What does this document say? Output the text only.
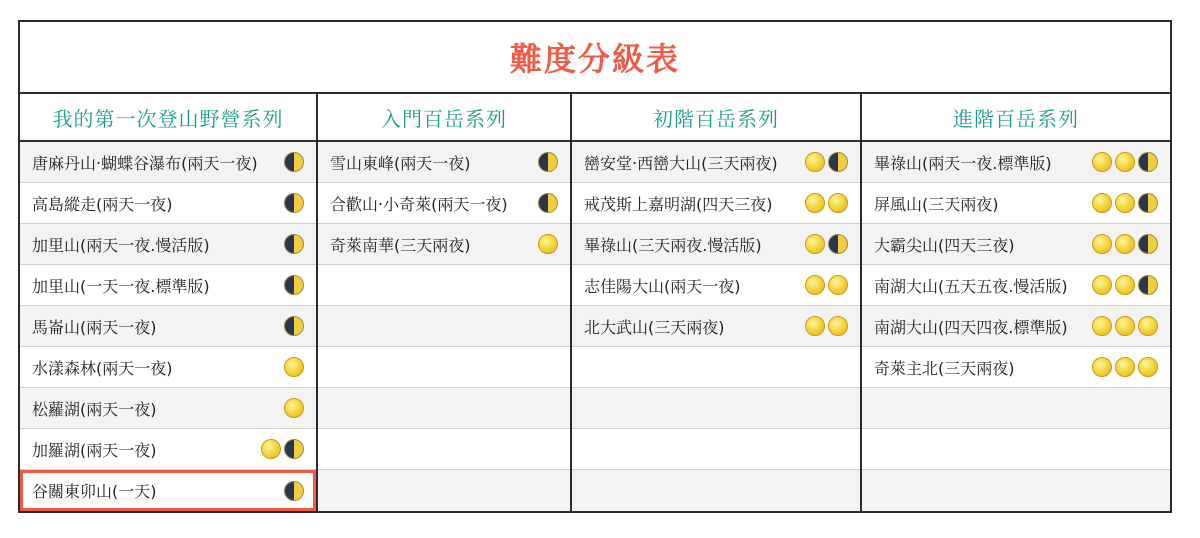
難度分級表
我的第一次登山野營系列
唐麻丹山‧蝴蝶谷瀑布(兩天一夜)
高島縱走(兩天一夜)
加里山(兩天一夜.慢活版)
加里山(一天一夜.標準版)
馬崙山(兩天一夜)
水漾森林(兩天一夜)
松蘿湖(兩天一夜)
加羅湖(兩天一夜)
谷關東卯山(一天)
入門百岳系列
雪山東峰(兩天一夜)
合歡山‧小奇萊(兩天一夜)
奇萊南華(三天兩夜)
初階百岳系列
巒安堂‧西巒大山(三天兩夜)
戒茂斯上嘉明湖(四天三夜)
畢祿山(三天兩夜.慢活版)
志佳陽大山(兩天一夜)
北大武山(三天兩夜)
進階百岳系列
畢祿山(兩天一夜.標準版)
屏風山(三天兩夜)
大霸尖山(四天三夜)
南湖大山(五天五夜.慢活版)
南湖大山(四天四夜.標準版)
奇萊主北(三天兩夜)
